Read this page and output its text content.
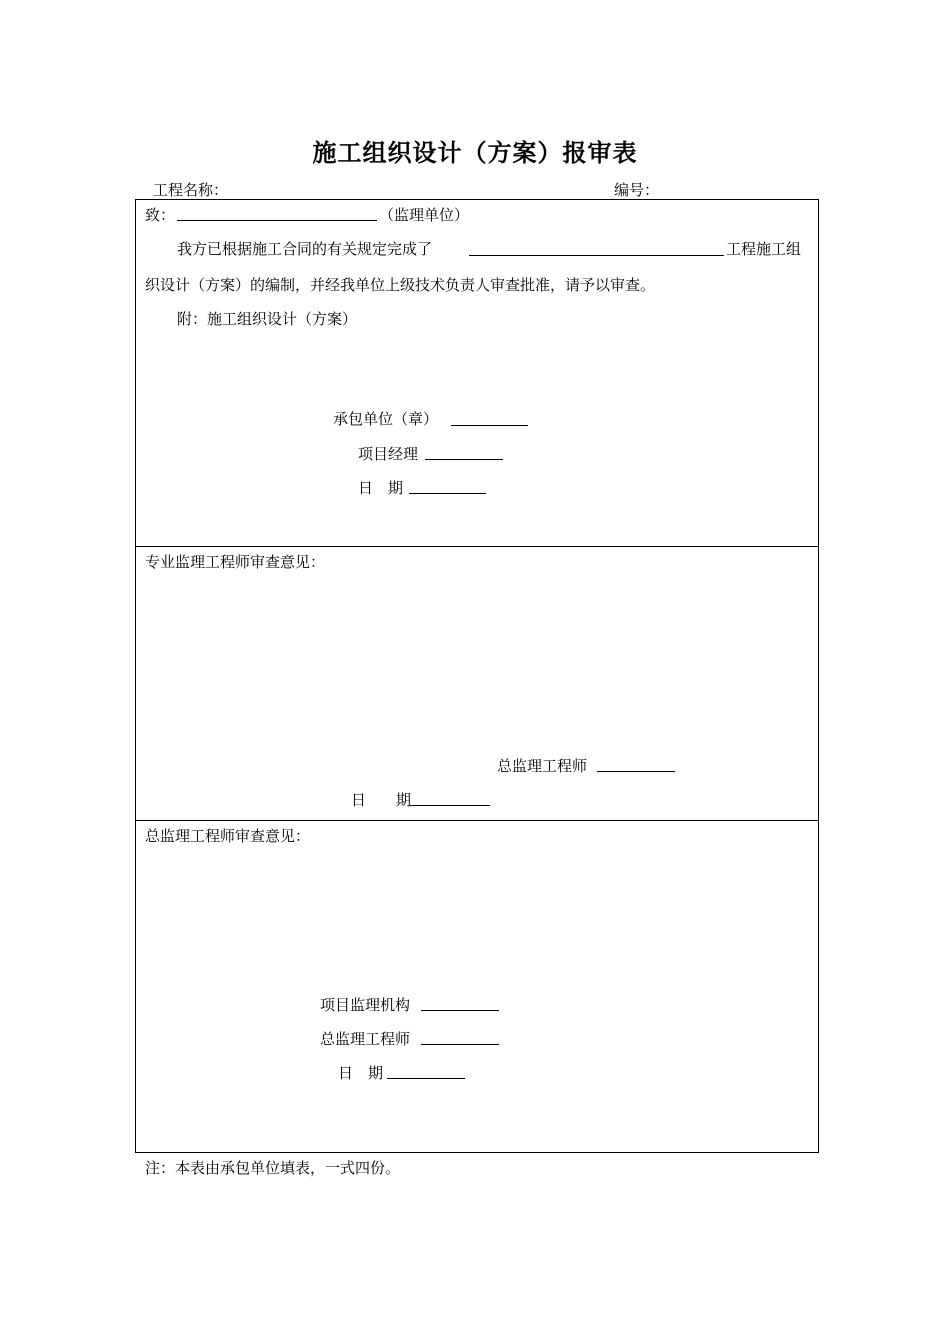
施工组织设计（方案）报审表
工程名称：	编号：
致：	（监理单位）
我方已根据施工合同的有关规定完成了	工程施工组
织设计（方案）的编制，并经我单位上级技术负责人审查批准，请予以审查。
附：施工组织设计（方案）
承包单位（章）
项目经理
日　期
专业监理工程师审查意见：
总监理工程师
日　　期
总监理工程师审查意见：
项目监理机构
总监理工程师
日　期
注：本表由承包单位填表，一式四份。
